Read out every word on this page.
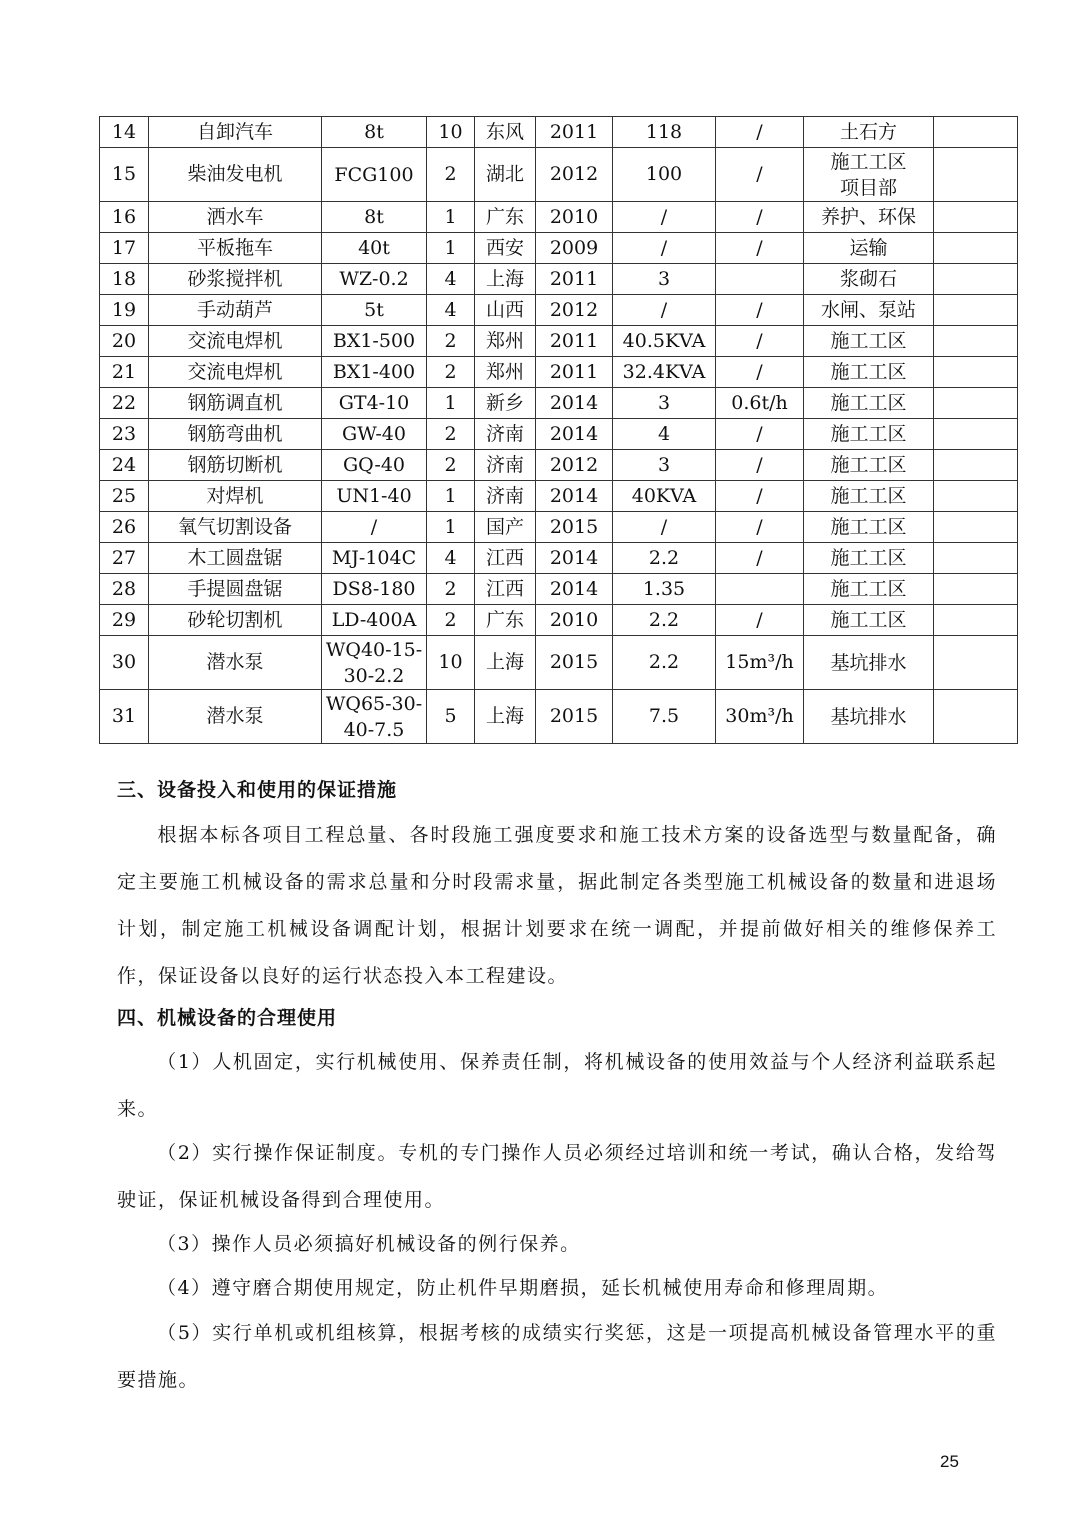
14	自卸汽车	8t	10	东风	2011	118	/	土石方	
15	柴油发电机	FCG100	2	湖北	2012	100	/	施工工区
项目部	
16	洒水车	8t	1	广东	2010	/	/	养护、环保	
17	平板拖车	40t	1	西安	2009	/	/	运输	
18	砂浆搅拌机	WZ-0.2	4	上海	2011	3		浆砌石	
19	手动葫芦	5t	4	山西	2012	/	/	水闸、泵站	
20	交流电焊机	BX1-500	2	郑州	2011	40.5KVA	/	施工工区	
21	交流电焊机	BX1-400	2	郑州	2011	32.4KVA	/	施工工区	
22	钢筋调直机	GT4-10	1	新乡	2014	3	0.6t/h	施工工区	
23	钢筋弯曲机	GW-40	2	济南	2014	4	/	施工工区	
24	钢筋切断机	GQ-40	2	济南	2012	3	/	施工工区	
25	对焊机	UN1-40	1	济南	2014	40KVA	/	施工工区	
26	氧气切割设备	/	1	国产	2015	/	/	施工工区	
27	木工圆盘锯	MJ-104C	4	江西	2014	2.2	/	施工工区	
28	手提圆盘锯	DS8-180	2	江西	2014	1.35		施工工区	
29	砂轮切割机	LD-400A	2	广东	2010	2.2	/	施工工区	
30	潜水泵	WQ40-15-30-2.2	10	上海	2015	2.2	15m³/h	基坑排水	
31	潜水泵	WQ65-30-40-7.5	5	上海	2015	7.5	30m³/h	基坑排水	
三、设备投入和使用的保证措施
根据本标各项目工程总量、各时段施工强度要求和施工技术方案的设备选型与数量配备，确定主要施工机械设备的需求总量和分时段需求量，据此制定各类型施工机械设备的数量和进退场计划，制定施工机械设备调配计划，根据计划要求在统一调配，并提前做好相关的维修保养工作，保证设备以良好的运行状态投入本工程建设。
四、机械设备的合理使用
（1）人机固定，实行机械使用、保养责任制，将机械设备的使用效益与个人经济利益联系起来。
（2）实行操作保证制度。专机的专门操作人员必须经过培训和统一考试，确认合格，发给驾驶证，保证机械设备得到合理使用。
（3）操作人员必须搞好机械设备的例行保养。
（4）遵守磨合期使用规定，防止机件早期磨损，延长机械使用寿命和修理周期。
（5）实行单机或机组核算，根据考核的成绩实行奖惩，这是一项提高机械设备管理水平的重要措施。
25
